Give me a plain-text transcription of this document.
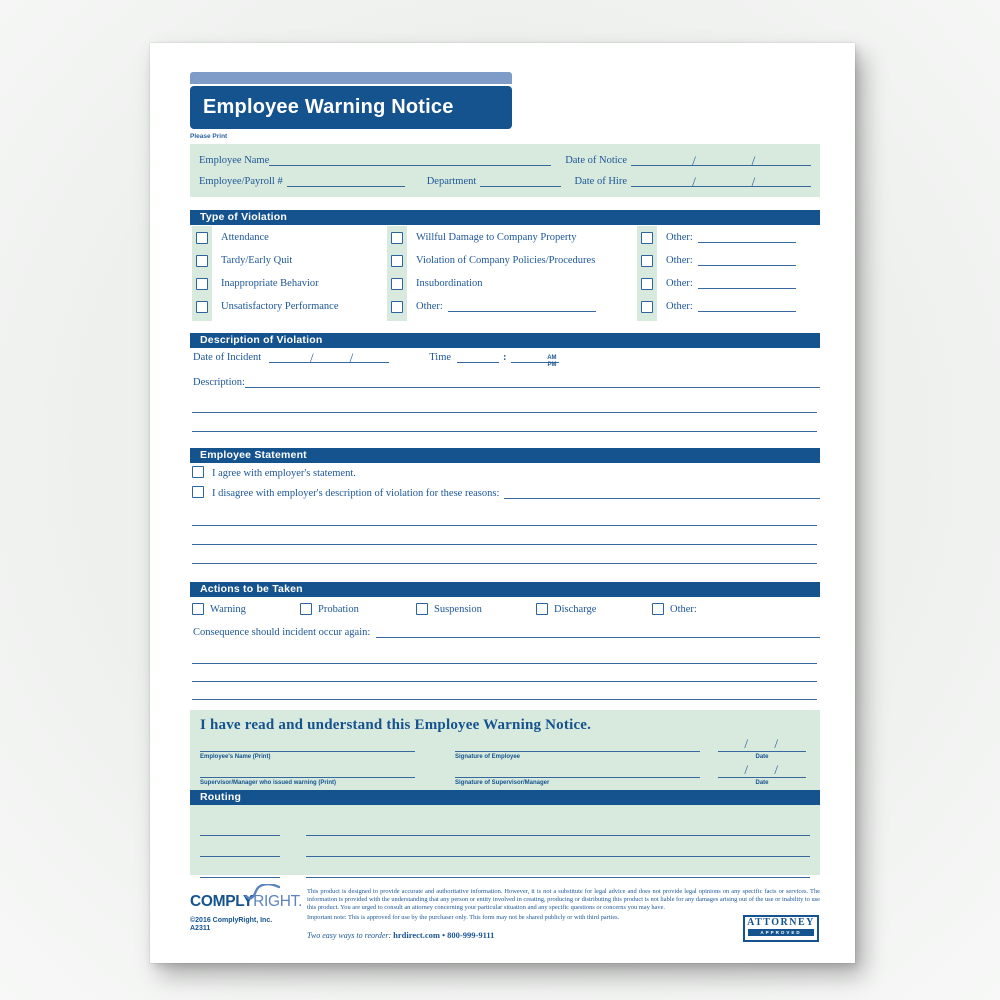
Employee Warning Notice
Please Print
Employee Name	Date of Notice	/	/
Employee/Payroll #	Department	Date of Hire	/	/
Type of Violation
Attendance	Willful Damage to Company Property	Other:
Tardy/Early Quit	Violation of Company Policies/Procedures	Other:
Inappropriate Behavior	Insubordination	Other:
Unsatisfactory Performance	Other:	Other:
Description of Violation
Date of Incident	/	/	Time	:	AM
PM
Description:
Employee Statement
I agree with employer's statement.
I disagree with employer's description of violation for these reasons:
Actions to be Taken
Warning	Probation	Suspension	Discharge	Other:
Consequence should incident occur again:
I have read and understand this Employee Warning Notice.
Employee's Name (Print)	Signature of Employee
/ /
Date
Supervisor/Manager who issued warning (Print)	Signature of Supervisor/Manager
/ /
Date
Routing
COMPLYRIGHT.
©2016 ComplyRight, Inc.
A2311

This product is designed to provide accurate and authoritative information. However, it is not a substitute for legal advice and does not provide legal opinions on any specific facts or services. The information is provided with the understanding that any person or entity involved in creating, producing or distributing this product is not liable for any damages arising out of the use or inability to use this product. You are urged to consult an attorney concerning your particular situation and any specific questions or concerns you may have.

Important note: This is approved for use by the purchaser only. This form may not be shared publicly or with third parties.

Two easy ways to reorder: hrdirect.com • 800-999-9111
ATTORNEY
APPROVED
